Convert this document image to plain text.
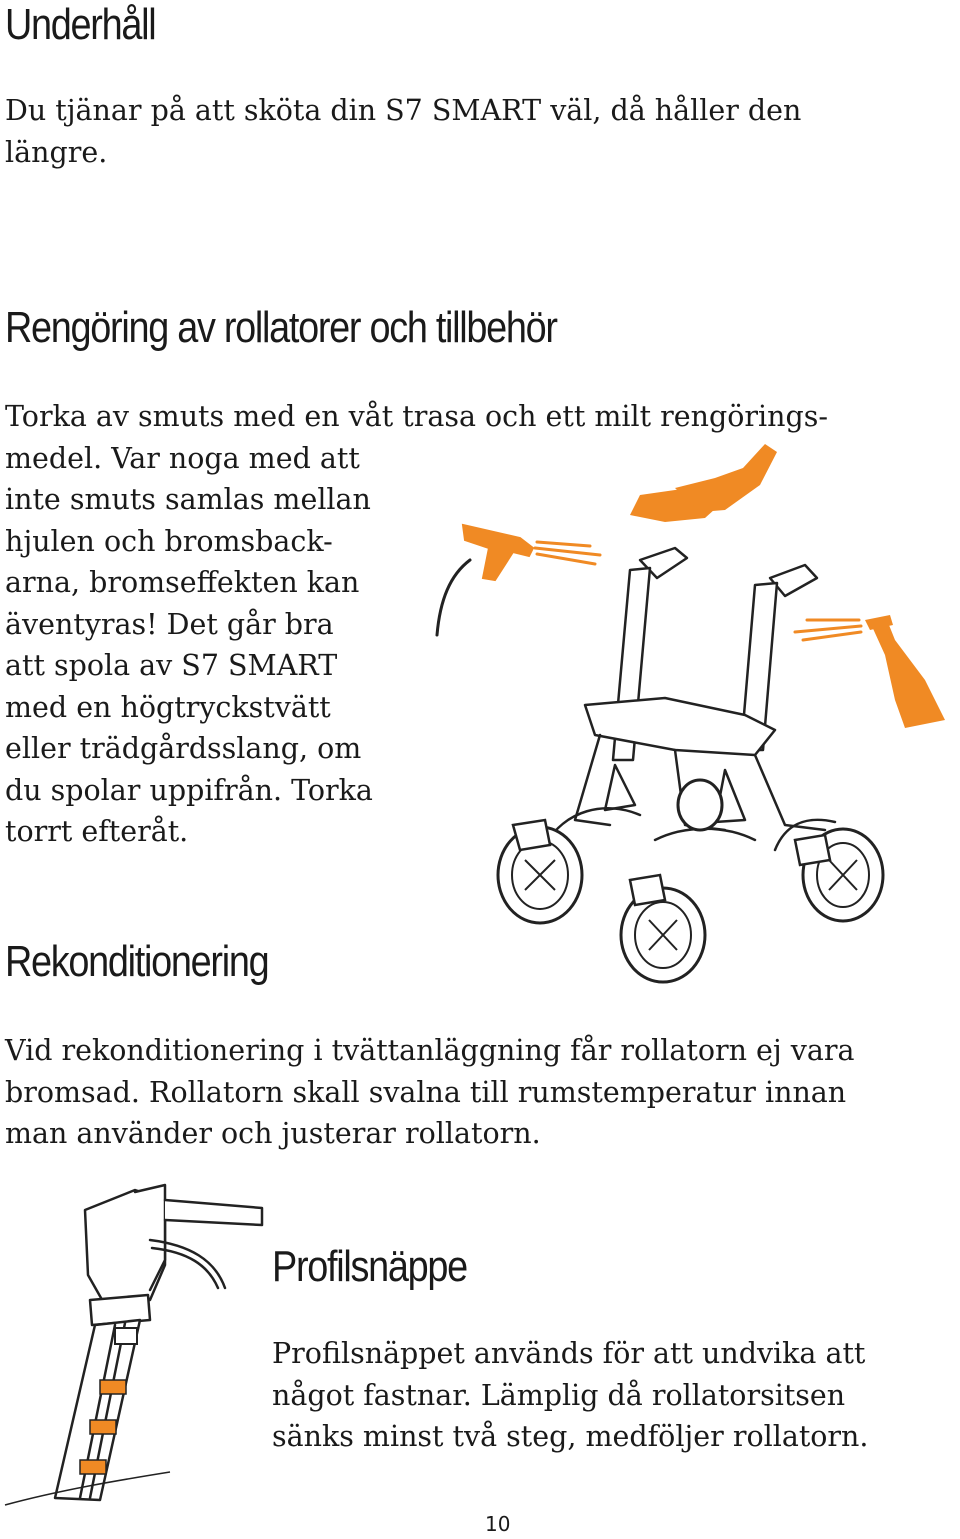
Underhåll

Du tjänar på att sköta din S7 SMART väl, då håller den
längre.

Rengöring av rollatorer och tillbehör

Torka av smuts med en våt trasa och ett milt rengörings-
medel. Var noga med att
inte smuts samlas mellan
hjulen och bromsback-
arna, bromseffekten kan
äventyras! Det går bra
att spola av S7 SMART
med en högtryckstvätt
eller trädgårdsslang, om
du spolar uppifrån. Torka
torrt efteråt.

Rekonditionering

Vid rekonditionering i tvättanläggning får rollatorn ej vara
bromsad. Rollatorn skall svalna till rumstemperatur innan
man använder och justerar rollatorn.

Profilsnäppe

Profilsnäppet används för att undvika att
något fastnar. Lämplig då rollatorsitsen
sänks minst två steg, medföljer rollatorn.

10
